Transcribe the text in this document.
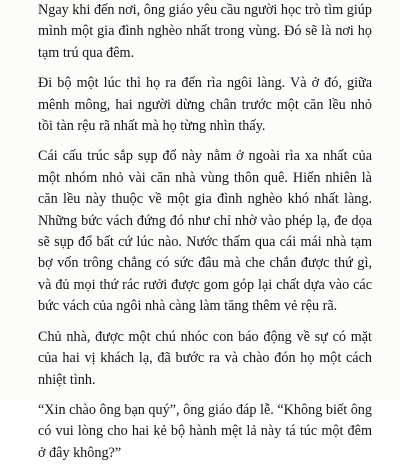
Ngay khi đến nơi, ông giáo yêu cầu người học trò tìm giúp mình một gia đình nghèo nhất trong vùng. Đó sẽ là nơi họ tạm trú qua đêm.

Đi bộ một lúc thì họ ra đến rìa ngôi làng. Và ở đó, giữa mênh mông, hai người dừng chân trước một căn lều nhỏ tồi tàn rệu rã nhất mà họ từng nhìn thấy.

Cái cấu trúc sắp sụp đổ này nằm ở ngoài rìa xa nhất của một nhóm nhỏ vài căn nhà vùng thôn quê. Hiển nhiên là căn lều này thuộc về một gia đình nghèo khó nhất làng. Những bức vách đứng đó như chỉ nhờ vào phép lạ, đe dọa sẽ sụp đổ bất cứ lúc nào. Nước thấm qua cái mái nhà tạm bợ vốn trông chẳng có sức đâu mà che chắn được thứ gì, và đủ mọi thứ rác rưởi được gom góp lại chất dựa vào các bức vách của ngôi nhà càng làm tăng thêm vẻ rệu rã.

Chủ nhà, được một chú nhóc con báo động về sự có mặt của hai vị khách lạ, đã bước ra và chào đón họ một cách nhiệt tình.

“Xin chào ông bạn quý”, ông giáo đáp lễ. “Không biết ông có vui lòng cho hai kẻ bộ hành mệt lả này tá túc một đêm ở đây không?”
